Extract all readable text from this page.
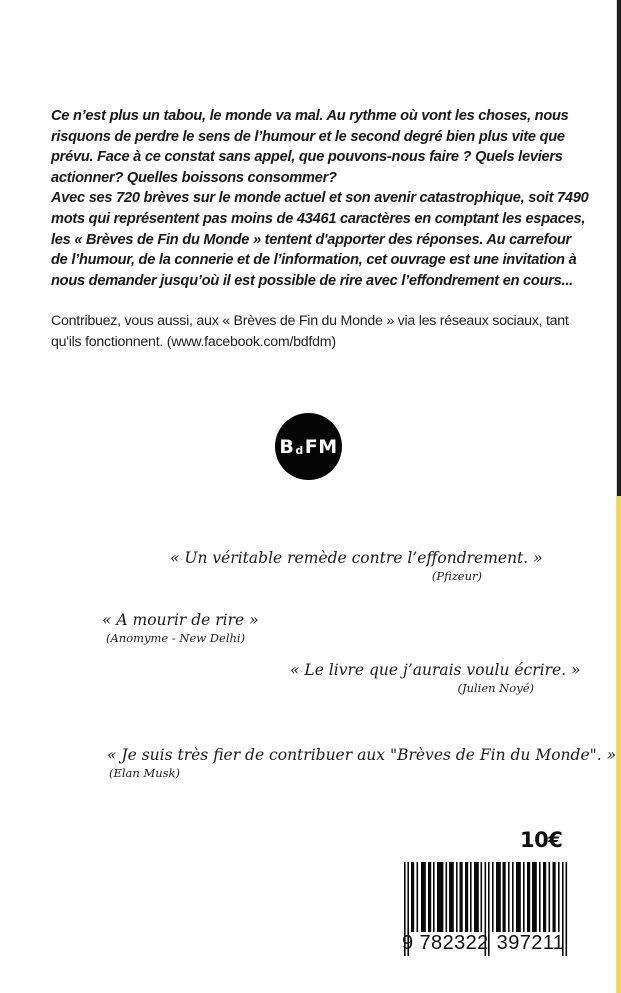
Ce n’est plus un tabou, le monde va mal. Au rythme où vont les choses, nous risquons de perdre le sens de l’humour et le second degré bien plus vite que prévu. Face à ce constat sans appel, que pouvons-nous faire ? Quels leviers actionner? Quelles boissons consommer?

Avec ses 720 brèves sur le monde actuel et son avenir catastrophique, soit 7490 mots qui représentent pas moins de 43461 caractères en comptant les espaces, les « Brèves de Fin du Monde » tentent d'apporter des réponses. Au carrefour de l’humour, de la connerie et de l’information, cet ouvrage est une invitation à nous demander jusqu’où il est possible de rire avec l’effondrement en cours...

Contribuez, vous aussi, aux « Brèves de Fin du Monde » via les réseaux sociaux, tant qu'ils fonctionnent. (www.facebook.com/bdfdm)

B d FM
« Un véritable remède contre l’effondrement. »
(Pfizeur)
« A mourir de rire »
(Anomyme - New Delhi)
« Le livre que j’aurais voulu écrire. »
(Julien Noyé)
« Je suis très fier de contribuer aux "Brèves de Fin du Monde". »
(Elan Musk)
10€
9 782322 397211
